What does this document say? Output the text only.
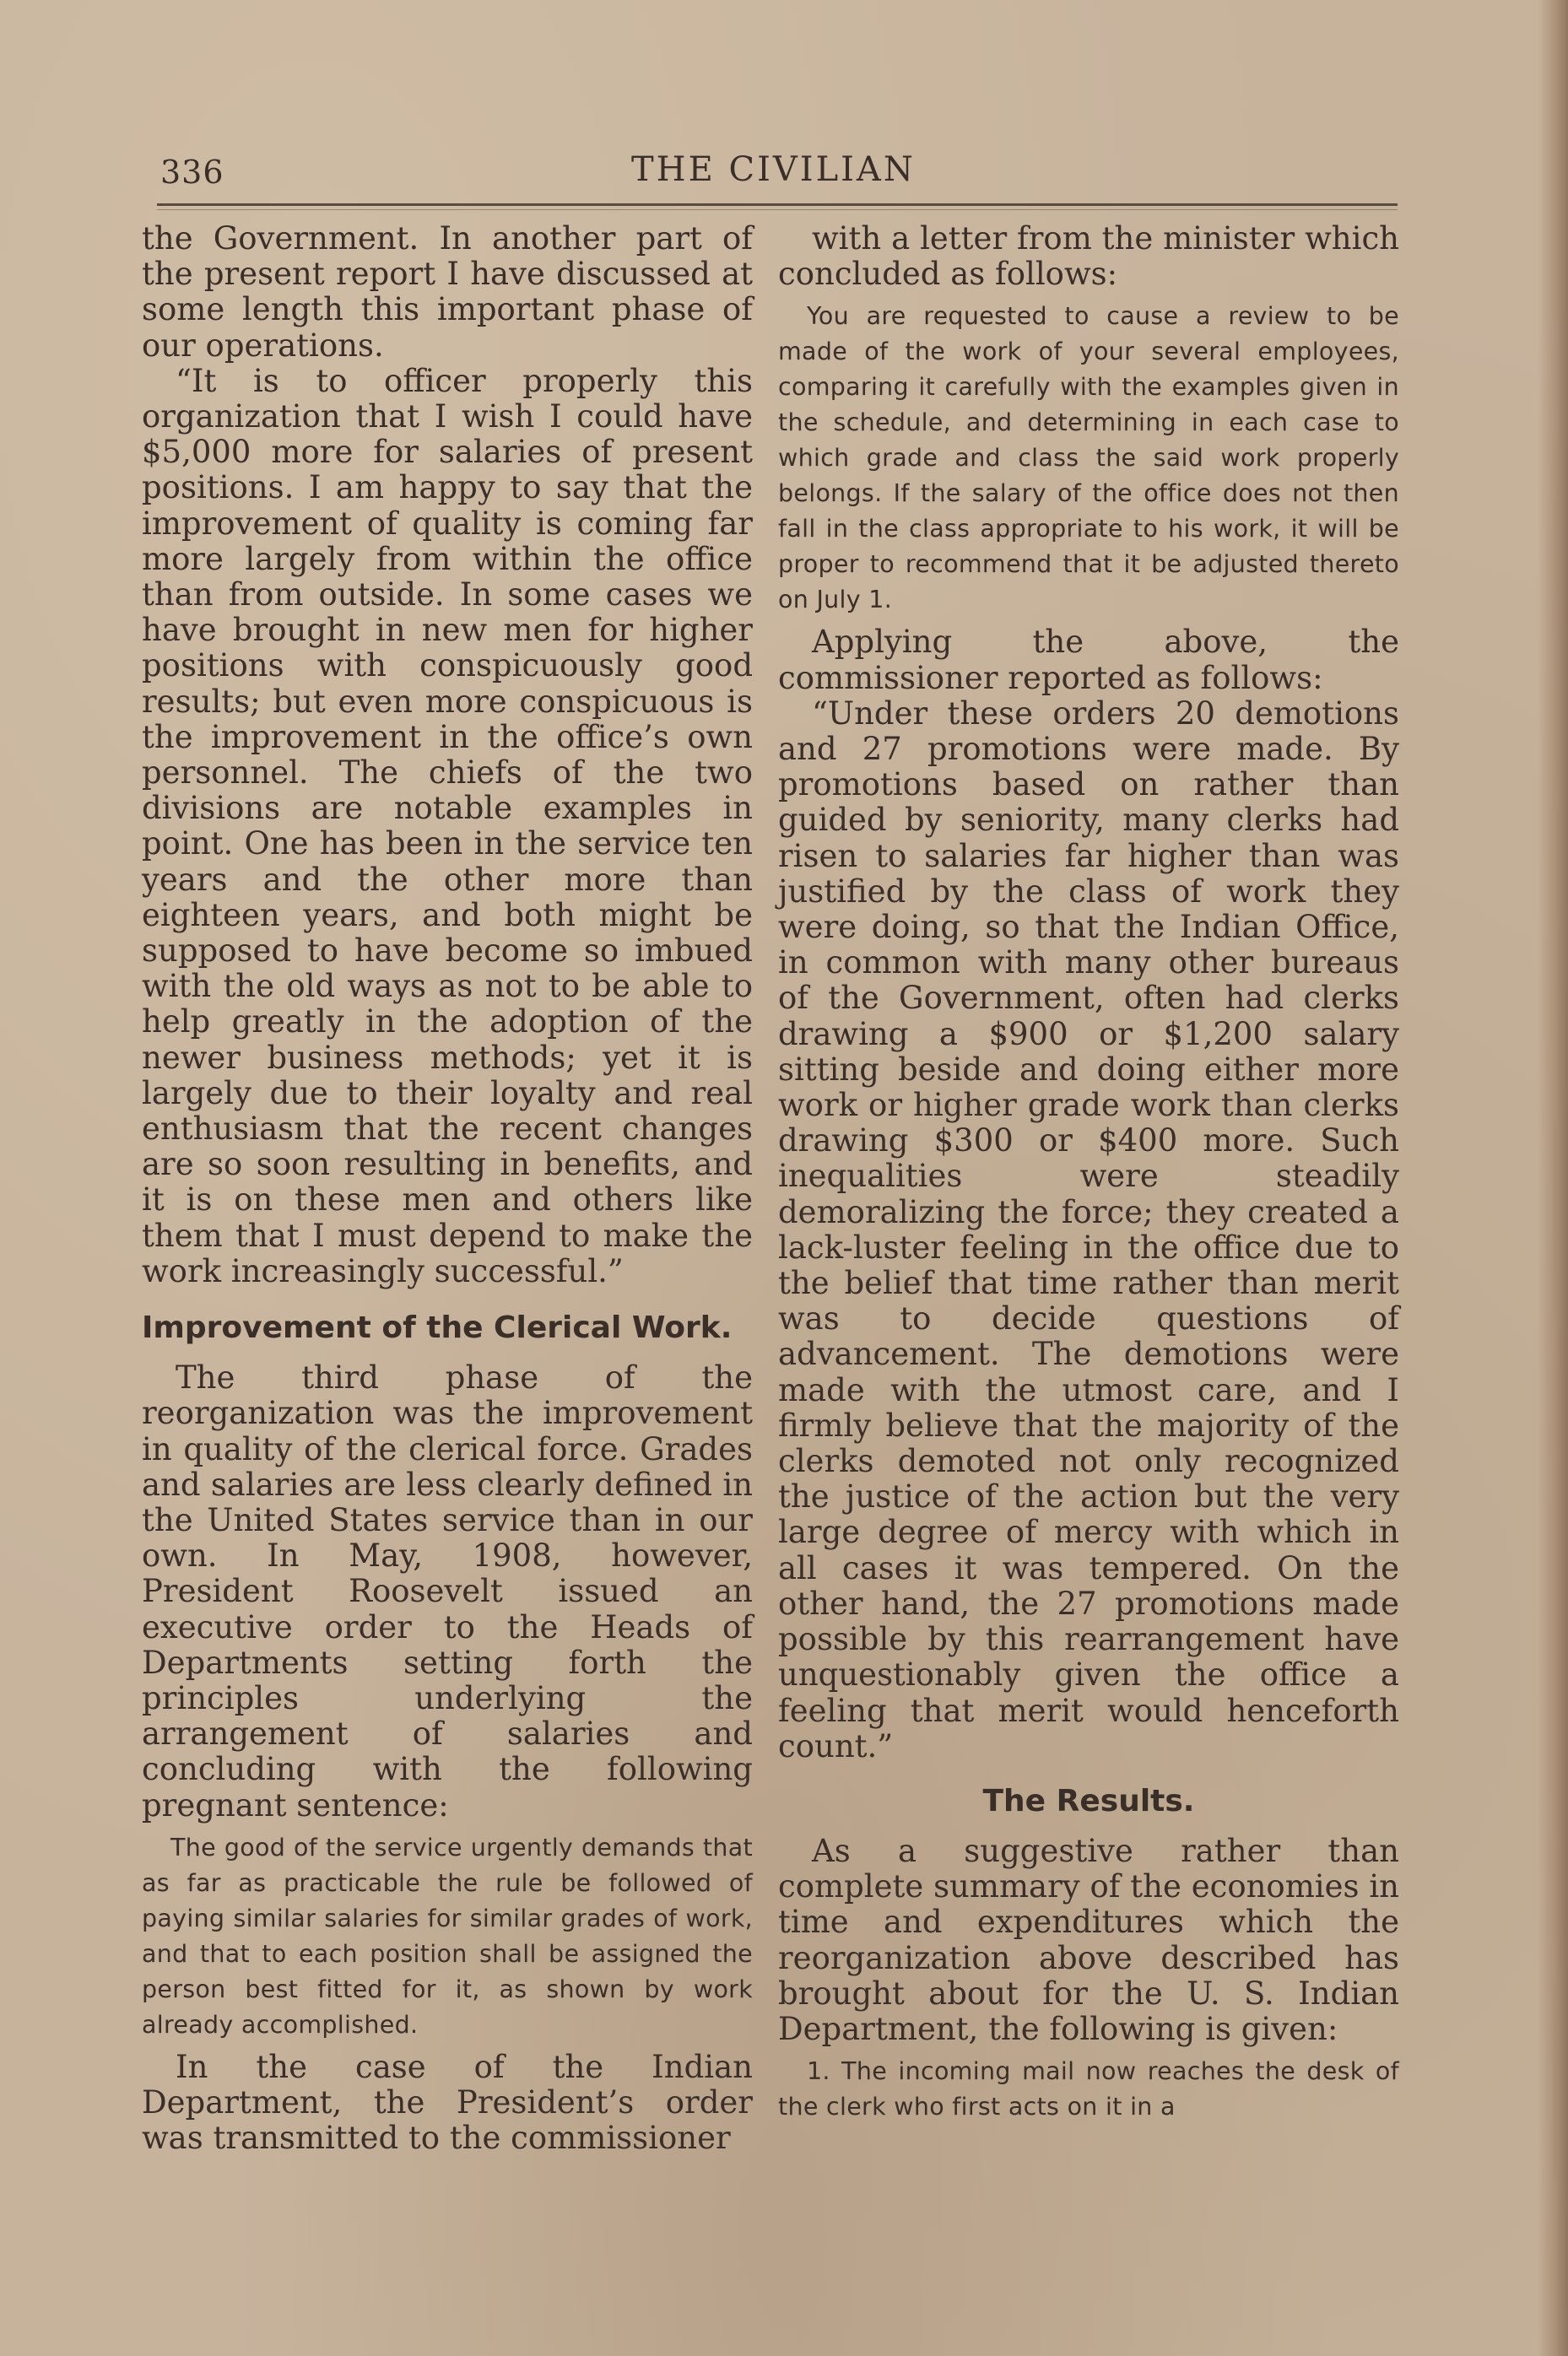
336	THE CIVILIAN

the Government. In another part of the present report I have discussed at some length this important phase of our operations.

“It is to officer properly this organization that I wish I could have $5,000 more for salaries of present positions. I am happy to say that the improvement of quality is coming far more largely from within the office than from outside. In some cases we have brought in new men for higher positions with conspicuously good results; but even more conspicuous is the improvement in the office’s own personnel. The chiefs of the two divisions are notable examples in point. One has been in the service ten years and the other more than eighteen years, and both might be supposed to have become so imbued with the old ways as not to be able to help greatly in the adoption of the newer business methods; yet it is largely due to their loyalty and real enthusiasm that the recent changes are so soon resulting in benefits, and it is on these men and others like them that I must depend to make the work increasingly successful.”

Improvement of the Clerical Work.

The third phase of the reorganization was the improvement in quality of the clerical force. Grades and salaries are less clearly defined in the United States service than in our own. In May, 1908, however, President Roosevelt issued an executive order to the Heads of Departments setting forth the principles underlying the arrangement of salaries and concluding with the following pregnant sentence:

The good of the service urgently demands that as far as practicable the rule be followed of paying similar salaries for similar grades of work, and that to each position shall be assigned the person best fitted for it, as shown by work already accomplished.

In the case of the Indian Department, the President’s order was transmitted to the commissioner

with a letter from the minister which concluded as follows:

You are requested to cause a review to be made of the work of your several employees, comparing it carefully with the examples given in the schedule, and determining in each case to which grade and class the said work properly belongs. If the salary of the office does not then fall in the class appropriate to his work, it will be proper to recommend that it be adjusted thereto on July 1.

Applying the above, the commissioner reported as follows:

“Under these orders 20 demotions and 27 promotions were made. By promotions based on rather than guided by seniority, many clerks had risen to salaries far higher than was justified by the class of work they were doing, so that the Indian Office, in common with many other bureaus of the Government, often had clerks drawing a $900 or $1,200 salary sitting beside and doing either more work or higher grade work than clerks drawing $300 or $400 more. Such inequalities were steadily demoralizing the force; they created a lack-luster feeling in the office due to the belief that time rather than merit was to decide questions of advancement. The demotions were made with the utmost care, and I firmly believe that the majority of the clerks demoted not only recognized the justice of the action but the very large degree of mercy with which in all cases it was tempered. On the other hand, the 27 promotions made possible by this rearrangement have unquestionably given the office a feeling that merit would henceforth count.”

The Results.

As a suggestive rather than complete summary of the economies in time and expenditures which the reorganization above described has brought about for the U. S. Indian Department, the following is given:

1. The incoming mail now reaches the desk of the clerk who first acts on it in a
